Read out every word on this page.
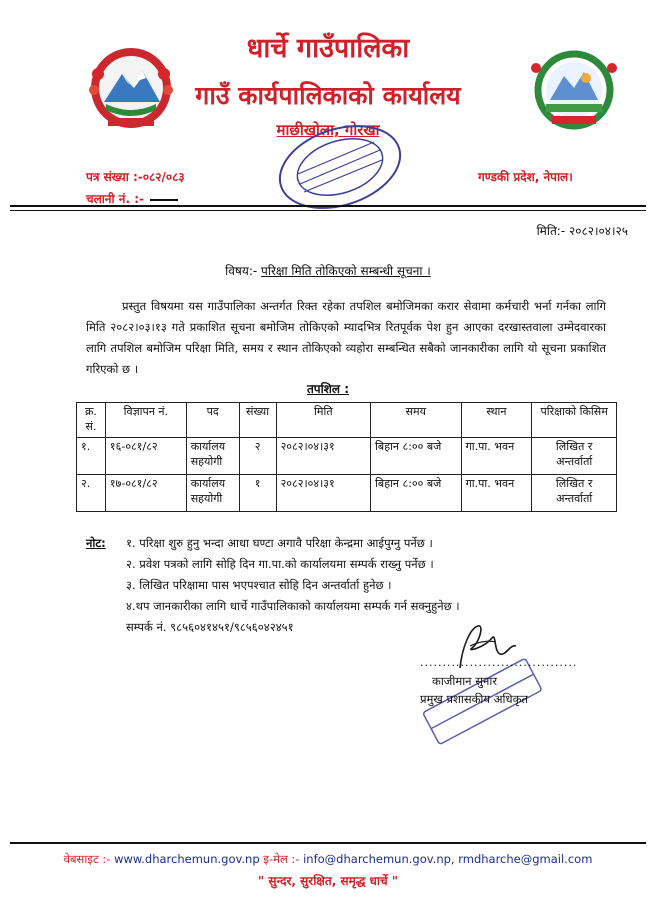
धार्चे गाउँपालिका
गाउँ कार्यपालिकाको कार्यालय
माछीखोला, गोरखा
पत्र संख्या :-०८२/०८३
चलानी नं. :-
गण्डकी प्रदेश, नेपाल।
मिति:- २०८२।०४।२५
विषय:- परिक्षा मिति तोकिएको सम्बन्धी सूचना ।

प्रस्तुत विषयमा यस गाउँपालिका अन्तर्गत रिक्त रहेका तपशिल बमोजिमका करार सेवामा कर्मचारी भर्ना गर्नका लागि मिति २०८२।०३।१३ गते प्रकाशित सूचना बमोजिम तोकिएको म्यादभित्र रितपूर्वक पेश हुन आएका दरखास्तवाला उम्मेदवारका लागि तपशिल बमोजिम परिक्षा मिति, समय र स्थान तोकिएको व्यहोरा सम्बन्धित सबैको जानकारीका लागि यो सूचना प्रकाशित गरिएको छ ।

तपशिल :
क्र. सं.	विज्ञापन नं.	पद	संख्या	मिति	समय	स्थान	परिक्षाको किसिम
१.	१६-०८१/८२	कार्यालय सहयोगी	२	२०८२।०४।३१	बिहान ८:०० बजे	गा.पा. भवन	लिखित र अन्तर्वार्ता
२.	१७-०८१/८२	कार्यालय सहयोगी	१	२०८२।०४।३१	बिहान ८:०० बजे	गा.पा. भवन	लिखित र अन्तर्वार्ता
नोट: १. परिक्षा शुरु हुनु भन्दा आधा घण्टा अगावै परिक्षा केन्द्रमा आईपुग्नु पर्नेछ ।
२. प्रवेश पत्रको लागि सोहि दिन गा.पा.को कार्यालयमा सम्पर्क राख्नु पर्नेछ ।
३. लिखित परिक्षामा पास भएपश्चात सोहि दिन अन्तर्वार्ता हुनेछ ।
४.थप जानकारीका लागि धार्चे गाउँपालिकाको कार्यालयमा सम्पर्क गर्न सक्नुहुनेछ ।
सम्पर्क नं. ९८५६०४१४५१/९८५६०४२४५१
...................................
काजीमान सुनार
प्रमुख प्रशासकीय अधिकृत
वेबसाइट :- www.dharchemun.gov.np इ-मेल :- info@dharchemun.gov.np, rmdharche@gmail.com
" सुन्दर, सुरक्षित, समृद्ध धार्चे "
